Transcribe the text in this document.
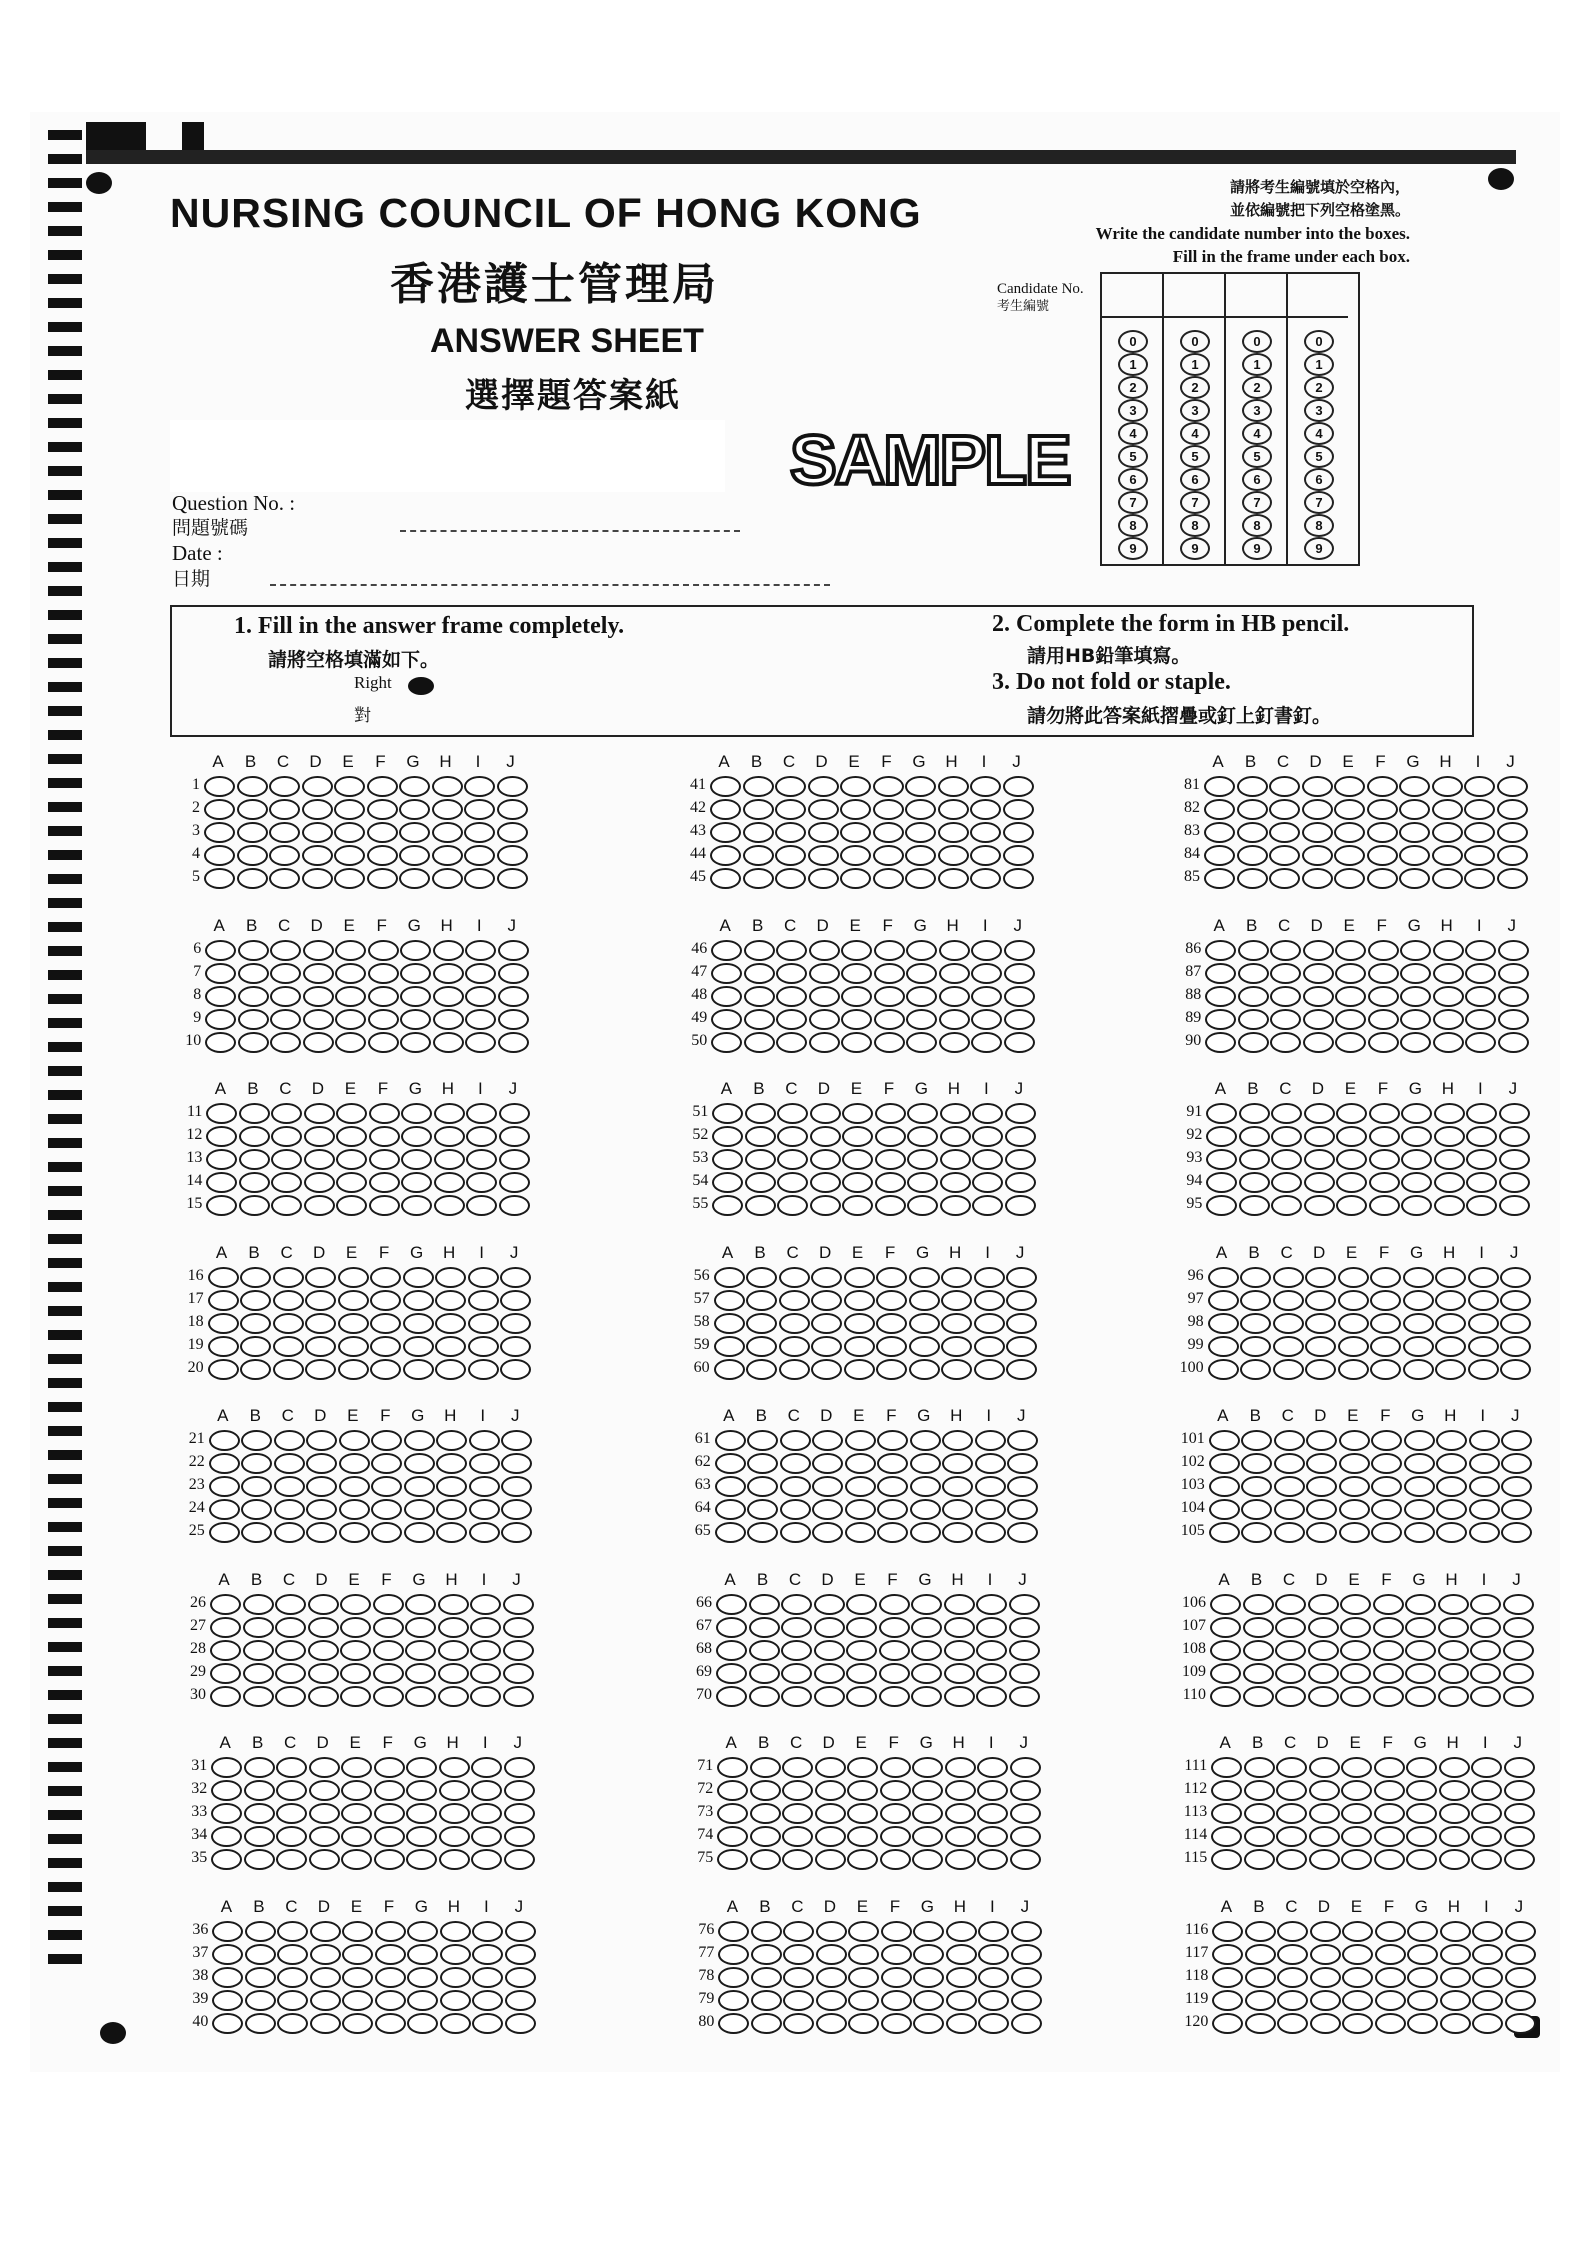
NURSING COUNCIL OF HONG KONG
香港護士管理局
ANSWER SHEET
選擇題答案紙
SAMPLE
Question No. :
問題號碼
Date :
日期
請將考生編號填於空格內，
並依編號把下列空格塗黑。
Write the candidate number into the boxes.
Fill in the frame under each box.
Candidate No.
考生編號
0
1
2
3
4
5
6
7
8
9
0
1
2
3
4
5
6
7
8
9
0
1
2
3
4
5
6
7
8
9
0
1
2
3
4
5
6
7
8
9
1. Fill in the answer frame completely.
請將空格填滿如下。
Right
對
2. Complete the form in HB pencil.
請用HB鉛筆填寫。
3. Do not fold or staple.
請勿將此答案紙摺疊或釘上釘書釘。
A	B	C	D	E	F	G	H	I	J
1
2
3
4
5
A	B	C	D	E	F	G	H	I	J
6
7
8
9
10
A	B	C	D	E	F	G	H	I	J
11
12
13
14
15
A	B	C	D	E	F	G	H	I	J
16
17
18
19
20
A	B	C	D	E	F	G	H	I	J
21
22
23
24
25
A	B	C	D	E	F	G	H	I	J
26
27
28
29
30
A	B	C	D	E	F	G	H	I	J
31
32
33
34
35
A	B	C	D	E	F	G	H	I	J
36
37
38
39
40
A	B	C	D	E	F	G	H	I	J
41
42
43
44
45
A	B	C	D	E	F	G	H	I	J
46
47
48
49
50
A	B	C	D	E	F	G	H	I	J
51
52
53
54
55
A	B	C	D	E	F	G	H	I	J
56
57
58
59
60
A	B	C	D	E	F	G	H	I	J
61
62
63
64
65
A	B	C	D	E	F	G	H	I	J
66
67
68
69
70
A	B	C	D	E	F	G	H	I	J
71
72
73
74
75
A	B	C	D	E	F	G	H	I	J
76
77
78
79
80
A	B	C	D	E	F	G	H	I	J
81
82
83
84
85
A	B	C	D	E	F	G	H	I	J
86
87
88
89
90
A	B	C	D	E	F	G	H	I	J
91
92
93
94
95
A	B	C	D	E	F	G	H	I	J
96
97
98
99
100
A	B	C	D	E	F	G	H	I	J
101
102
103
104
105
A	B	C	D	E	F	G	H	I	J
106
107
108
109
110
A	B	C	D	E	F	G	H	I	J
111
112
113
114
115
A	B	C	D	E	F	G	H	I	J
116
117
118
119
120
